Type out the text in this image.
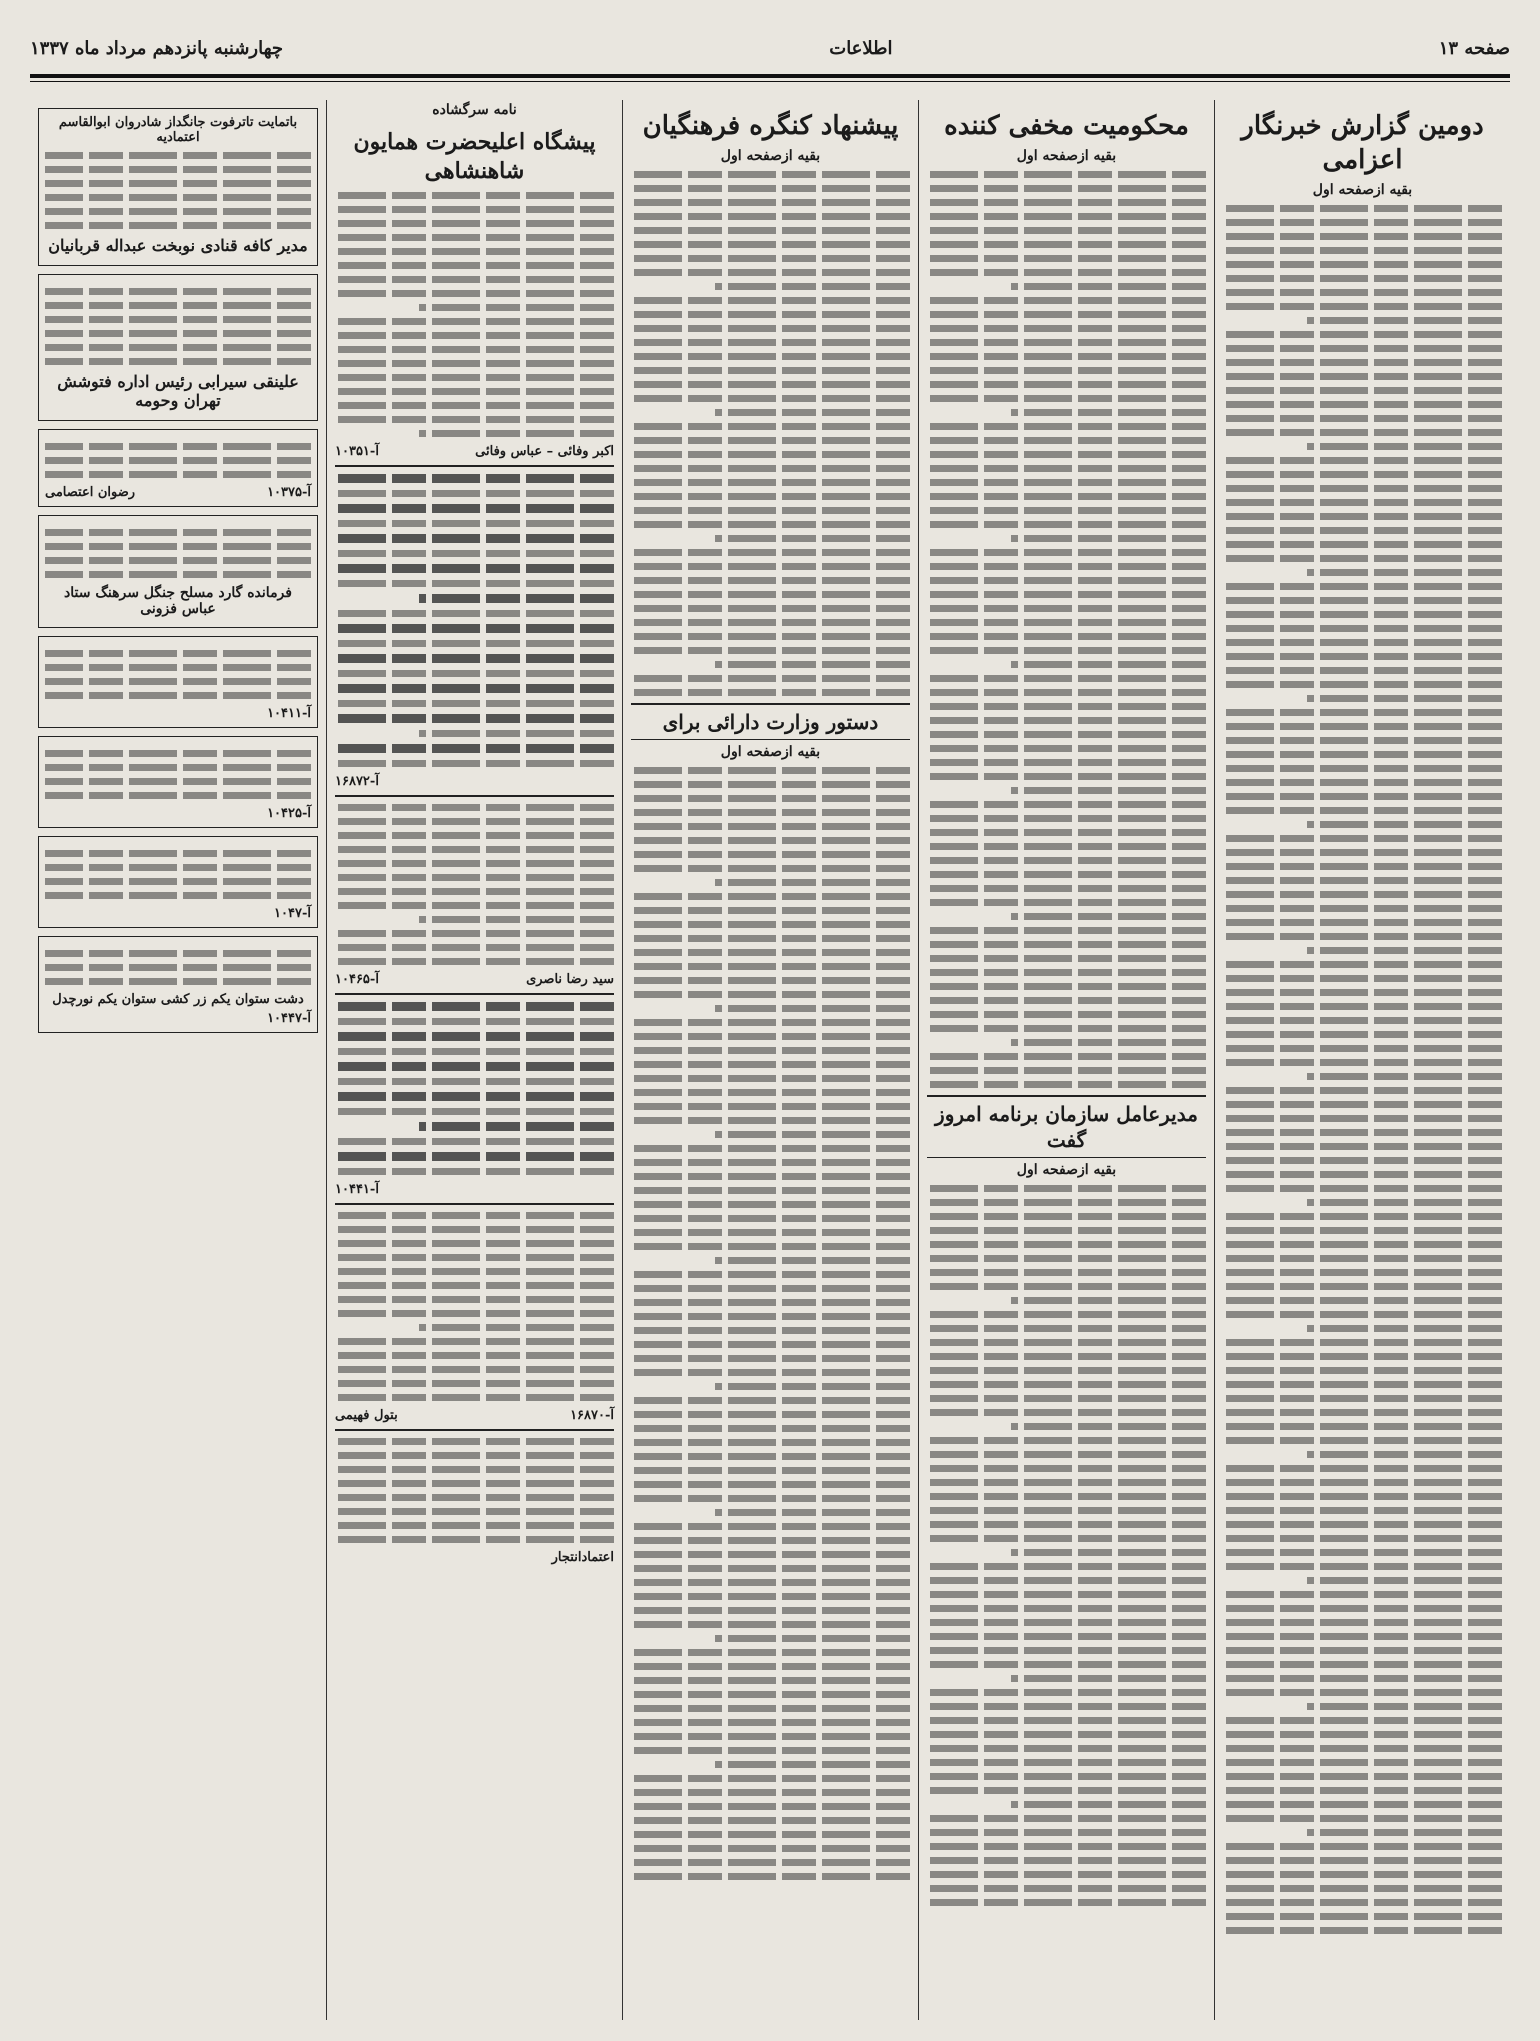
صفحه ۱۳
اطلاعات
چهارشنبه پانزدهم مرداد ماه ۱۳۳۷
دومین گزارش خبرنگار اعزامی
بقیه ازصفحه اول
محکومیت مخفی کننده
بقیه ازصفحه اول
مدیرعامل سازمان برنامه امروز گفت
بقیه ازصفحه اول
پیشنهاد کنگره فرهنگیان
بقیه ازصفحه اول
دستور وزارت دارائی برای
بقیه ازصفحه اول
نامه سرگشاده
پیشگاه اعلیحضرت همایون شاهنشاهی
اکبر وفائی – عباس وفائی
آ-۱۰۳۵۱
آ-۱۶۸۷۲
سید رضا ناصری
آ-۱۰۴۶۵
آ-۱۰۴۴۱
آ-۱۶۸۷۰
بتول فهیمی
اعتمادانتجار
باتمایت تاترفوت جانگداز شادروان ابوالقاسم اعتمادیه
مدیر کافه قنادی نوبخت عبداله قربانیان
علینقی سیرابی رئیس اداره فتوشش تهران وحومه
آ-۱۰۳۷۵
رضوان اعتصامی
فرمانده گارد مسلح جنگل سرهنگ ستاد عباس فزونی
آ-۱۰۴۱۱
آ-۱۰۴۲۵
آ-۱۰۴۷
دشت ستوان یکم زر کشی ستوان یکم نورچدل
آ-۱۰۴۴۷
